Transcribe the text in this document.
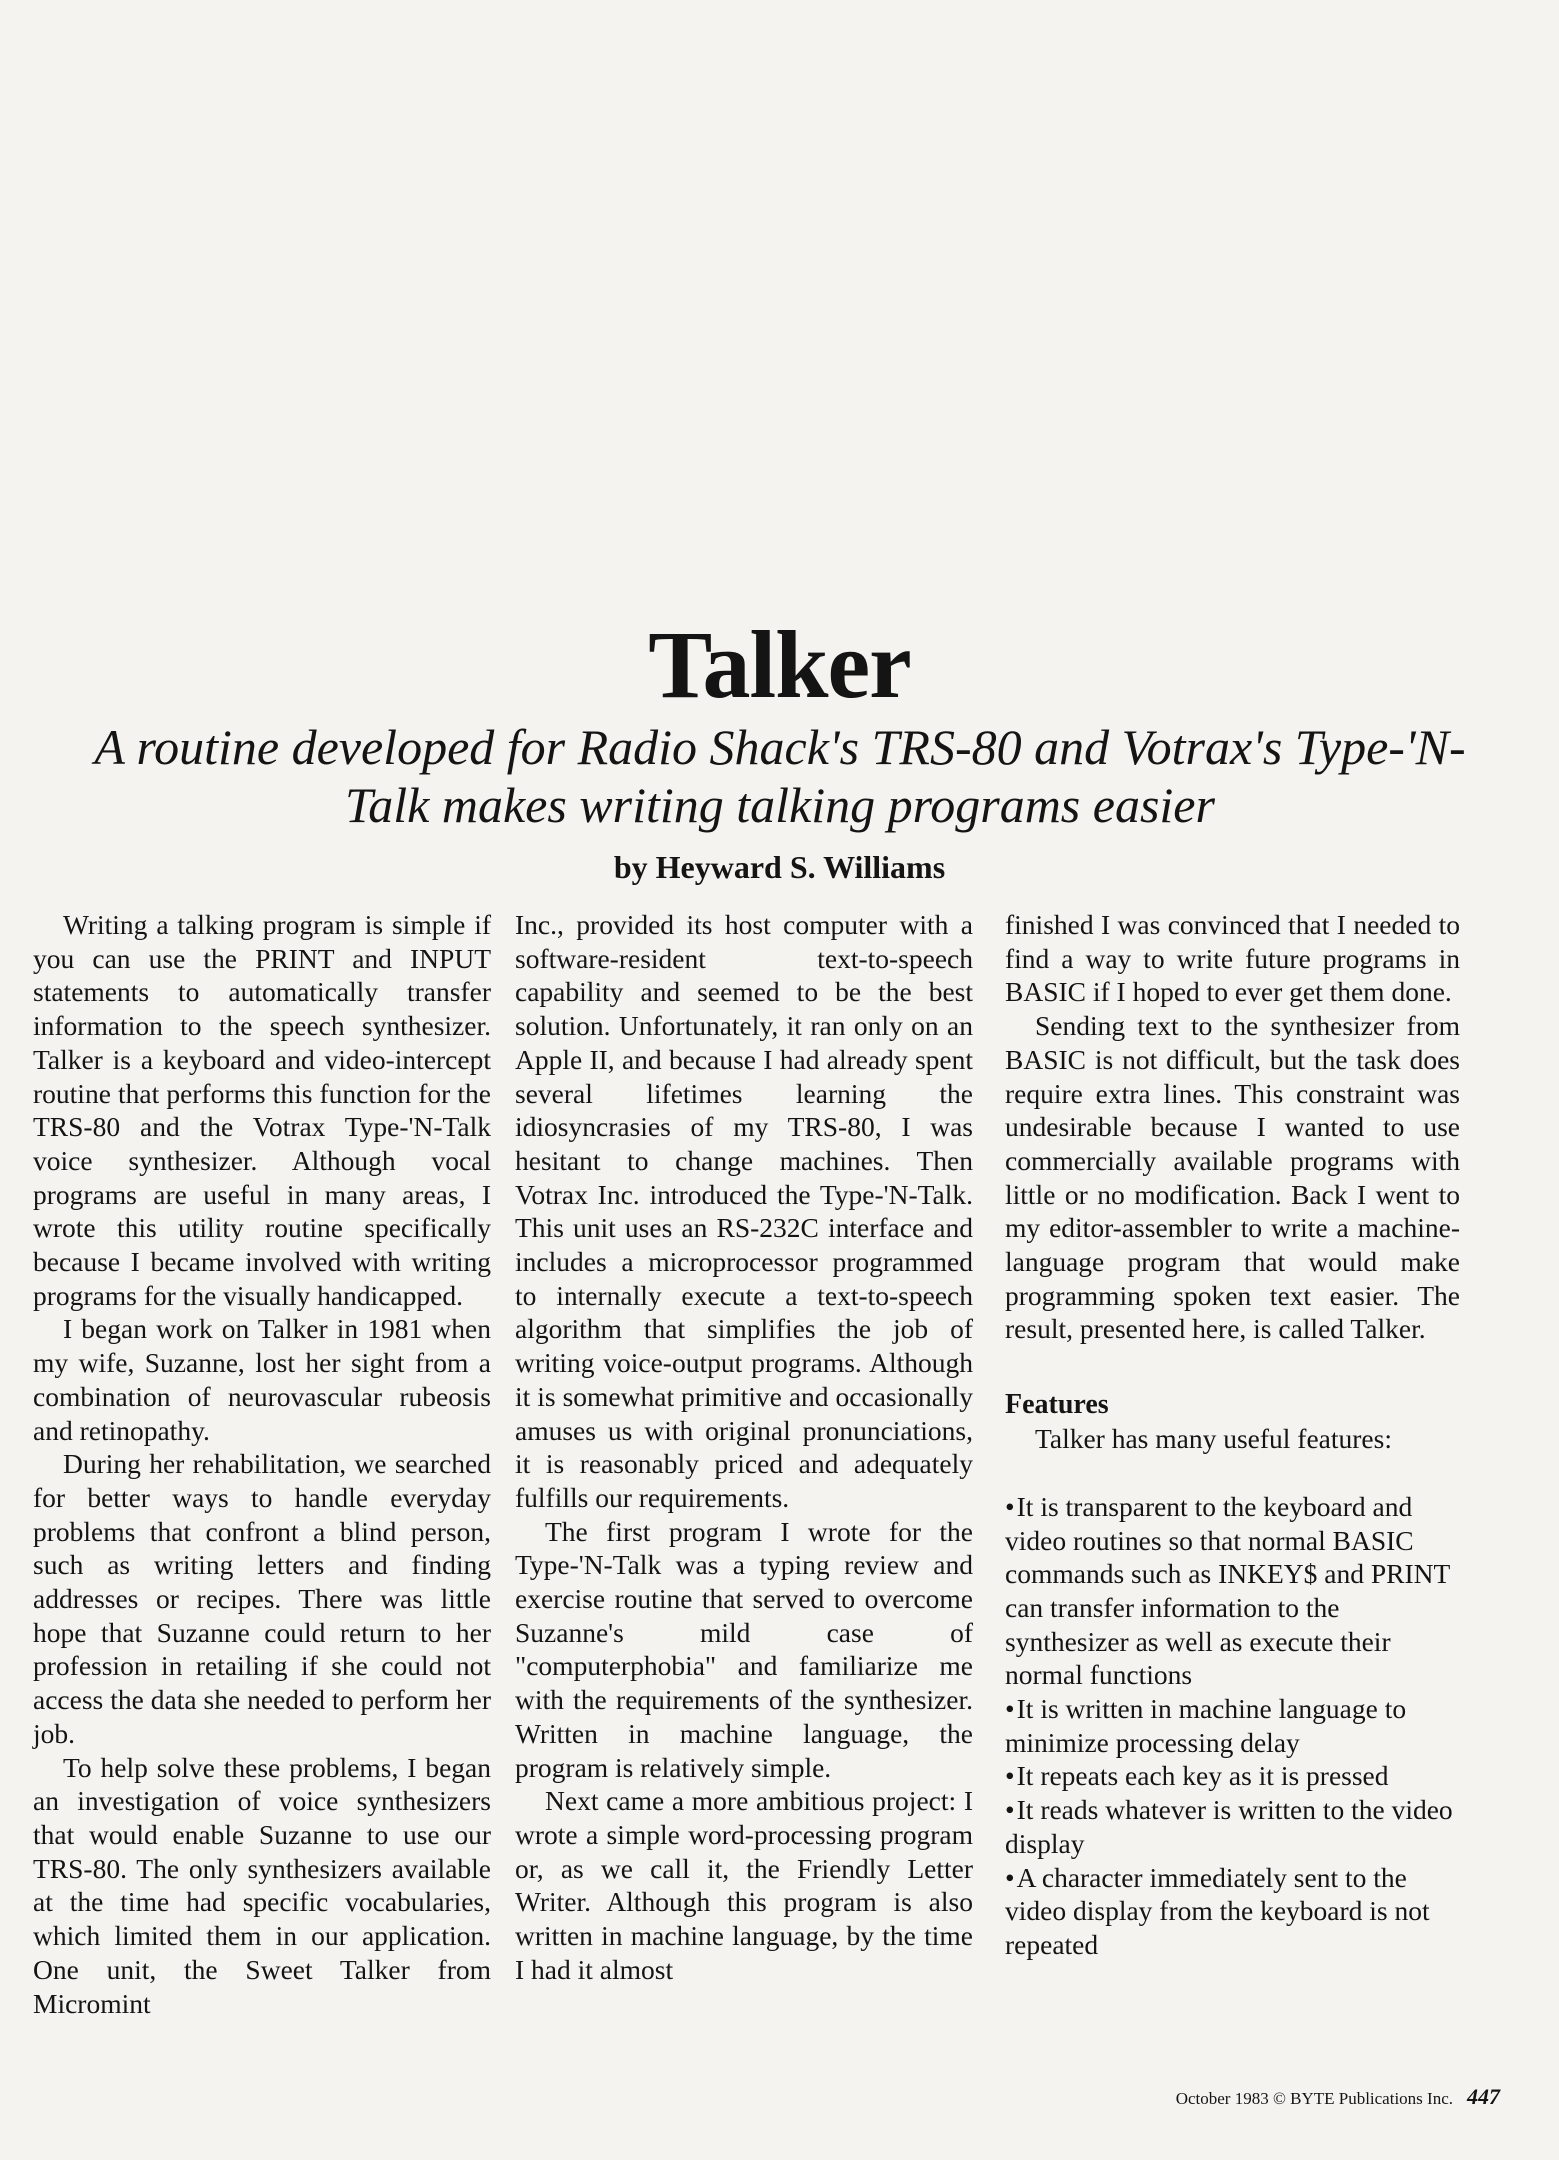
Talker
A routine developed for Radio Shack's TRS-80 and Votrax's Type-'N-Talk makes writing talking programs easier
by Heyward S. Williams

Writing a talking program is simple if you can use the PRINT and INPUT statements to automatically transfer information to the speech synthesizer. Talker is a keyboard and video-intercept routine that performs this function for the TRS-80 and the Votrax Type-'N-Talk voice synthesizer. Although vocal programs are useful in many areas, I wrote this utility routine specifically because I became involved with writing programs for the visually handicapped.

I began work on Talker in 1981 when my wife, Suzanne, lost her sight from a combination of neurovascular rubeosis and retinopathy.

During her rehabilitation, we searched for better ways to handle everyday problems that confront a blind person, such as writing letters and finding addresses or recipes. There was little hope that Suzanne could return to her profession in retailing if she could not access the data she needed to perform her job.

To help solve these problems, I began an investigation of voice synthesizers that would enable Suzanne to use our TRS-80. The only synthesizers available at the time had specific vocabularies, which limited them in our application. One unit, the Sweet Talker from Micromint

Inc., provided its host computer with a software-resident text-to-speech capability and seemed to be the best solution. Unfortunately, it ran only on an Apple II, and because I had already spent several lifetimes learning the idiosyncrasies of my TRS-80, I was hesitant to change machines. Then Votrax Inc. introduced the Type-'N-Talk. This unit uses an RS-232C interface and includes a microprocessor programmed to internally execute a text-to-speech algorithm that simplifies the job of writing voice-output programs. Although it is somewhat primitive and occasionally amuses us with original pronunciations, it is reasonably priced and adequately fulfills our requirements.

The first program I wrote for the Type-'N-Talk was a typing review and exercise routine that served to overcome Suzanne's mild case of "computerphobia" and familiarize me with the requirements of the synthesizer. Written in machine language, the program is relatively simple.

Next came a more ambitious project: I wrote a simple word-processing program or, as we call it, the Friendly Letter Writer. Although this program is also written in machine language, by the time I had it almost

finished I was convinced that I needed to find a way to write future programs in BASIC if I hoped to ever get them done.

Sending text to the synthesizer from BASIC is not difficult, but the task does require extra lines. This constraint was undesirable because I wanted to use commercially available programs with little or no modification. Back I went to my editor-assembler to write a machine-language program that would make programming spoken text easier. The result, presented here, is called Talker.

Features

Talker has many useful features:

•It is transparent to the keyboard and video routines so that normal BASIC commands such as INKEY$ and PRINT can transfer information to the synthesizer as well as execute their normal functions
•It is written in machine language to minimize processing delay
•It repeats each key as it is pressed
•It reads whatever is written to the video display
•A character immediately sent to the video display from the keyboard is not repeated
October 1983 © BYTE Publications Inc. 447
